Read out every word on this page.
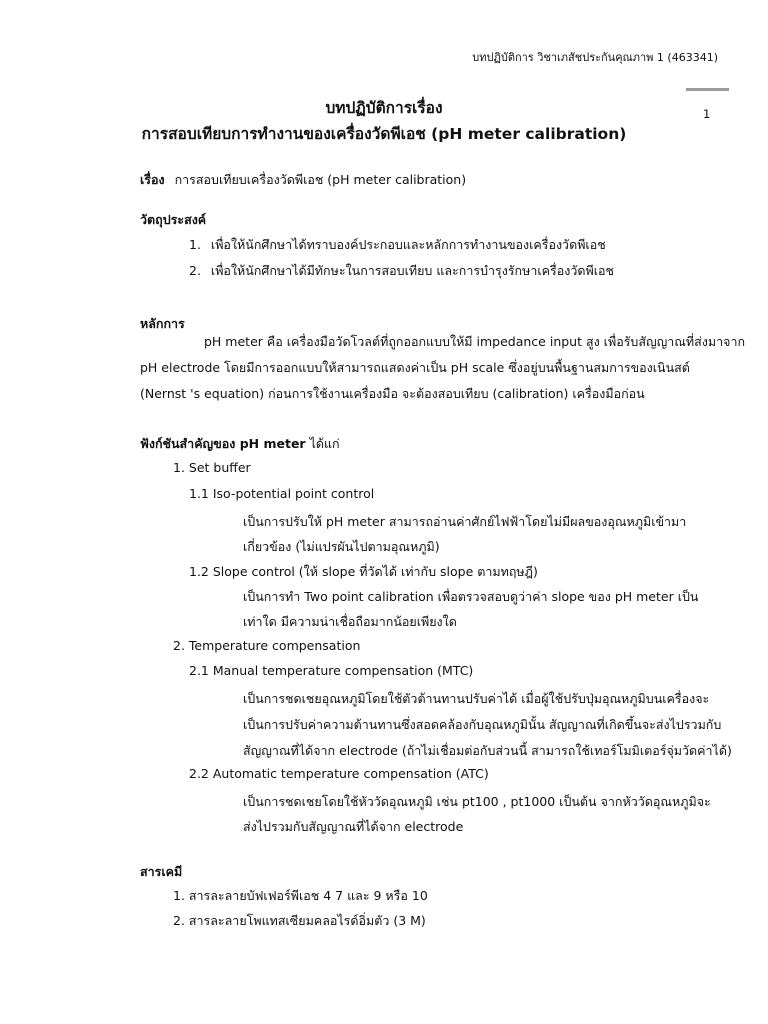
บทปฏิบัติการ วิชาเภสัชประกันคุณภาพ 1 (463341)
1
บทปฏิบัติการเรื่อง
การสอบเทียบการทำงานของเครื่องวัดพีเอช (pH meter calibration)
เรื่อง การสอบเทียบเครื่องวัดพีเอช (pH meter calibration)
วัตถุประสงค์
1. เพื่อให้นักศึกษาได้ทราบองค์ประกอบและหลักการทำงานของเครื่องวัดพีเอช
2. เพื่อให้นักศึกษาได้มีทักษะในการสอบเทียบ และการบำรุงรักษาเครื่องวัดพีเอช
หลักการ
pH meter คือ เครื่องมือวัดโวลต์ที่ถูกออกแบบให้มี impedance input สูง เพื่อรับสัญญาณที่ส่งมาจาก
pH electrode โดยมีการออกแบบให้สามารถแสดงค่าเป็น pH scale ซึ่งอยู่บนพื้นฐานสมการของเนินสต์
(Nernst 's equation) ก่อนการใช้งานเครื่องมือ จะต้องสอบเทียบ (calibration) เครื่องมือก่อน
ฟังก์ชันสำคัญของ pH meter ได้แก่
1. Set buffer
1.1 Iso-potential point control
เป็นการปรับให้ pH meter สามารถอ่านค่าศักย์ไฟฟ้าโดยไม่มีผลของอุณหภูมิเข้ามา
เกี่ยวข้อง (ไม่แปรผันไปตามอุณหภูมิ)
1.2 Slope control (ให้ slope ที่วัดได้ เท่ากับ slope ตามทฤษฎี)
เป็นการทำ Two point calibration เพื่อตรวจสอบดูว่าค่า slope ของ pH meter เป็น
เท่าใด มีความน่าเชื่อถือมากน้อยเพียงใด
2. Temperature compensation
2.1 Manual temperature compensation (MTC)
เป็นการชดเชยอุณหภูมิโดยใช้ตัวต้านทานปรับค่าได้ เมื่อผู้ใช้ปรับปุ่มอุณหภูมิบนเครื่องจะ
เป็นการปรับค่าความต้านทานซึ่งสอดคล้องกับอุณหภูมินั้น สัญญาณที่เกิดขึ้นจะส่งไปรวมกับ
สัญญาณที่ได้จาก electrode (ถ้าไม่เชื่อมต่อกับส่วนนี้ สามารถใช้เทอร์โมมิเตอร์จุ่มวัดค่าได้)
2.2 Automatic temperature compensation (ATC)
เป็นการชดเชยโดยใช้หัววัดอุณหภูมิ เช่น pt100 , pt1000 เป็นต้น จากหัววัดอุณหภูมิจะ
ส่งไปรวมกับสัญญาณที่ได้จาก electrode
สารเคมี
1. สารละลายบัฟเฟอร์พีเอช 4 7 และ 9 หรือ 10
2. สารละลายโพแทสเซียมคลอไรด์อิ่มตัว (3 M)
